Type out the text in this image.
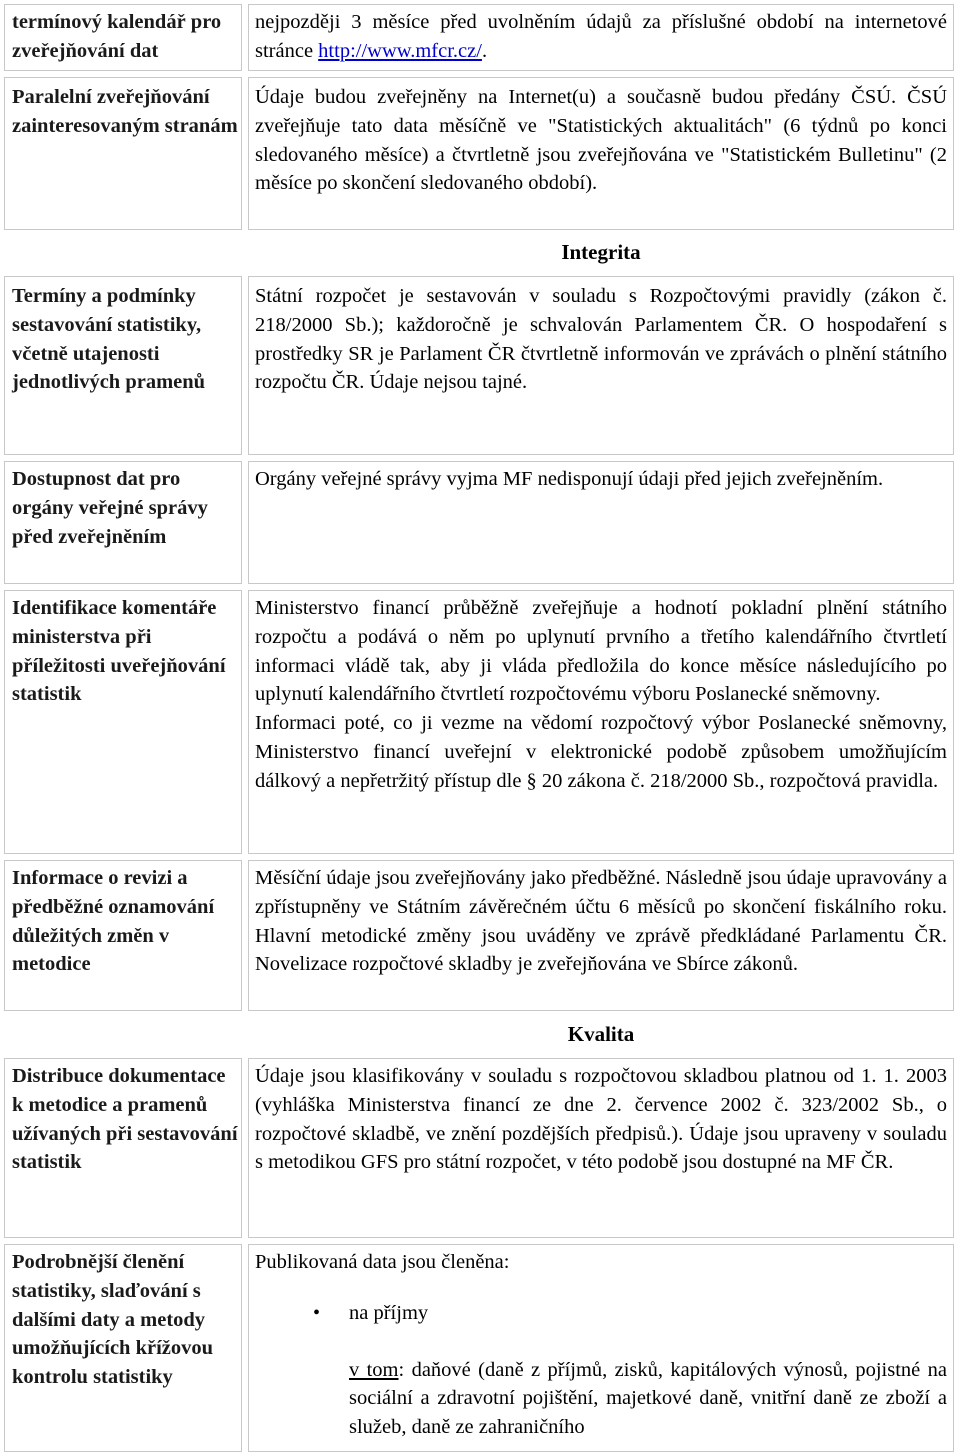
termínový kalendář pro zveřejňování dat
nejpozději 3 měsíce před uvolněním údajů za příslušné období na internetové stránce http://www.mfcr.cz/.
Paralelní zveřejňování zainteresovaným stranám
Údaje budou zveřejněny na Internet(u) a současně budou předány ČSÚ. ČSÚ zveřejňuje tato data měsíčně ve "Statistických aktualitách" (6 týdnů po konci sledovaného měsíce) a čtvrtletně jsou zveřejňována ve "Statistickém Bulletinu" (2 měsíce po skončení sledovaného období).
Integrita
Termíny a podmínky sestavování statistiky, včetně utajenosti jednotlivých pramenů
Státní rozpočet je sestavován v souladu s Rozpočtovými pravidly (zákon č. 218/2000 Sb.); každoročně je schvalován Parlamentem ČR. O hospodaření s prostředky SR je Parlament ČR čtvrtletně informován ve zprávách o plnění státního rozpočtu ČR. Údaje nejsou tajné.
Dostupnost dat pro orgány veřejné správy před zveřejněním
Orgány veřejné správy vyjma MF nedisponují údaji před jejich zveřejněním.
Identifikace komentáře ministerstva při příležitosti uveřejňování statistik

Ministerstvo financí průběžně zveřejňuje a hodnotí pokladní plnění státního rozpočtu a podává o něm po uplynutí prvního a třetího kalendářního čtvrtletí informaci vládě tak, aby ji vláda předložila do konce měsíce následujícího po uplynutí kalendářního čtvrtletí rozpočtovému výboru Poslanecké sněmovny.

Informaci poté, co ji vezme na vědomí rozpočtový výbor Poslanecké sněmovny, Ministerstvo financí uveřejní v elektronické podobě způsobem umožňujícím dálkový a nepřetržitý přístup dle § 20 zákona č. 218/2000 Sb., rozpočtová pravidla.

Informace o revizi a předběžné oznamování důležitých změn v metodice
Měsíční údaje jsou zveřejňovány jako předběžné. Následně jsou údaje upravovány a zpřístupněny ve Státním závěrečném účtu 6 měsíců po skončení fiskálního roku. Hlavní metodické změny jsou uváděny ve zprávě předkládané Parlamentu ČR. Novelizace rozpočtové skladby je zveřejňována ve Sbírce zákonů.
Kvalita
Distribuce dokumentace k metodice a pramenů užívaných při sestavování statistik
Údaje jsou klasifikovány v souladu s rozpočtovou skladbou platnou od 1. 1. 2003 (vyhláška Ministerstva financí ze dne 2. července 2002 č. 323/2002 Sb., o rozpočtové skladbě, ve znění pozdějších předpisů.). Údaje jsou upraveny v souladu s metodikou GFS pro státní rozpočet, v této podobě jsou dostupné na MF ČR.
Podrobnější členění statistiky, slaďování s dalšími daty a metody umožňujících křížovou kontrolu statistiky

Publikovaná data jsou členěna:

• na příjmy

v tom: daňové (daně z příjmů, zisků, kapitálových výnosů, pojistné na sociální a zdravotní pojištění, majetkové daně, vnitřní daně ze zboží a služeb, daně ze zahraničního
